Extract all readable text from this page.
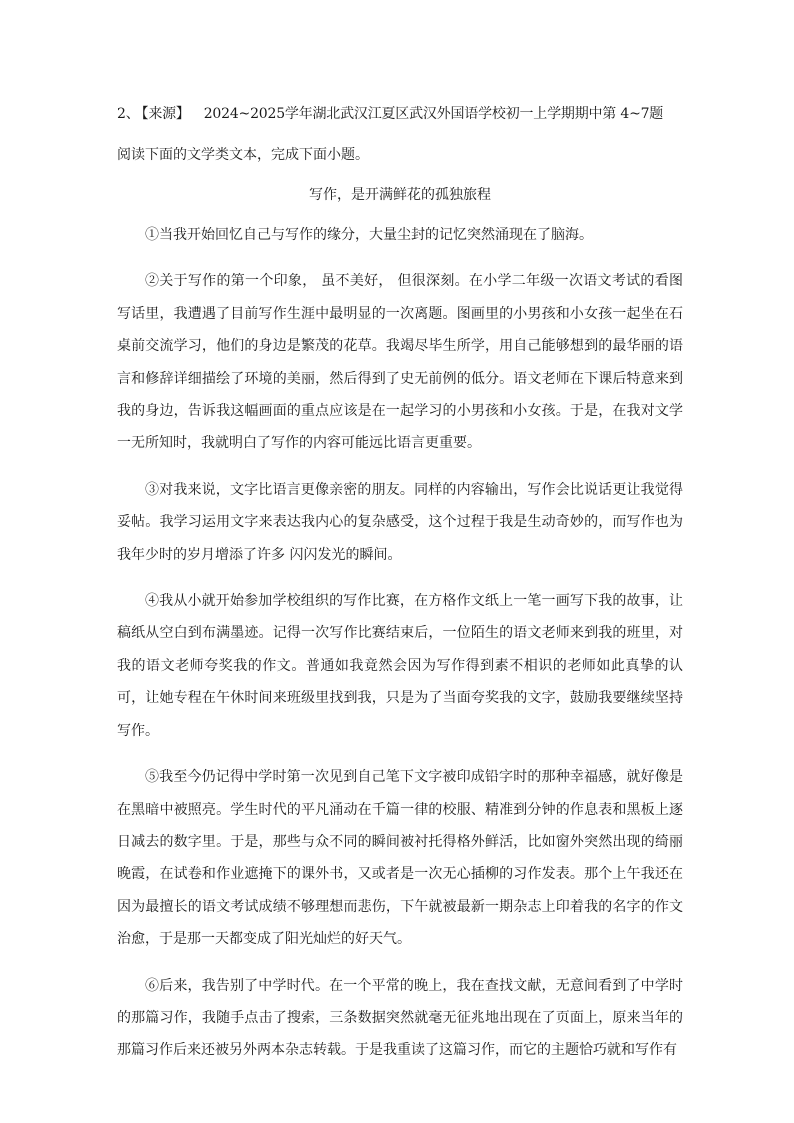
2、 【来源】 2024~2025学年湖北武汉江夏区武汉外国语学校初一上学期期中第 4~7题
阅读下面的文学类文本，完成下面小题。
写作，是开满鲜花的孤独旅程

①当我开始回忆自己与写作的缘分，大量尘封的记忆突然涌现在了脑海。

②关于写作的第一个印象， 虽不美好， 但很深刻。在小学二年级一次语文考试的看图写话里，我遭遇了目前写作生涯中最明显的一次离题。图画里的小男孩和小女孩一起坐在石桌前交流学习，他们的身边是繁茂的花草。我竭尽毕生所学，用自己能够想到的最华丽的语言和修辞详细描绘了环境的美丽，然后得到了史无前例的低分。语文老师在下课后特意来到我的身边，告诉我这幅画面的重点应该是在一起学习的小男孩和小女孩。于是，在我对文学一无所知时，我就明白了写作的内容可能远比语言更重要。

③对我来说，文字比语言更像亲密的朋友。同样的内容输出，写作会比说话更让我觉得妥帖。我学习运用文字来表达我内心的复杂感受，这个过程于我是生动奇妙的，而写作也为我年少时的岁月增添了许多 闪闪发光的瞬间。

④我从小就开始参加学校组织的写作比赛，在方格作文纸上一笔一画写下我的故事，让稿纸从空白到布满墨迹。记得一次写作比赛结束后，一位陌生的语文老师来到我的班里，对我的语文老师夸奖我的作文。普通如我竟然会因为写作得到素不相识的老师如此真挚的认可，让她专程在午休时间来班级里找到我，只是为了当面夸奖我的文字，鼓励我要继续坚持写作。

⑤我至今仍记得中学时第一次见到自己笔下文字被印成铅字时的那种幸福感，就好像是在黑暗中被照亮。学生时代的平凡涌动在千篇一律的校服、精准到分钟的作息表和黑板上逐日减去的数字里。于是，那些与众不同的瞬间被衬托得格外鲜活，比如窗外突然出现的绮丽晚霞，在试卷和作业遮掩下的课外书，又或者是一次无心插柳的习作发表。那个上午我还在因为最擅长的语文考试成绩不够理想而悲伤，下午就被最新一期杂志上印着我的名字的作文治愈，于是那一天都变成了阳光灿烂的好天气。

⑥后来，我告别了中学时代。在一个平常的晚上，我在查找文献，无意间看到了中学时的那篇习作，我随手点击了搜索，三条数据突然就毫无征兆地出现在了页面上，原来当年的那篇习作后来还被另外两本杂志转载。于是我重读了这篇习作，而它的主题恰巧就和写作有
